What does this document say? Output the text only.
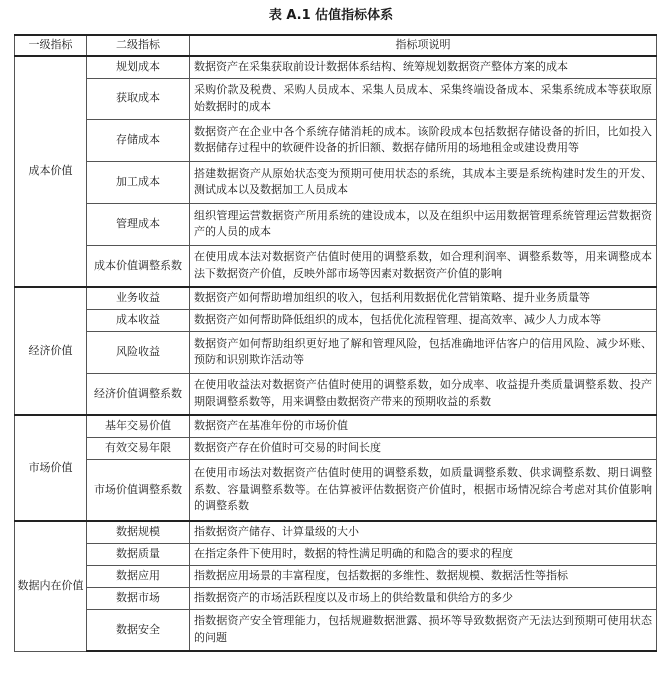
表 A.1 估值指标体系
一级指标	二级指标	指标项说明
成本价值	规划成本	数据资产在采集获取前设计数据体系结构、统筹规划数据资产整体方案的成本
	获取成本	采购价款及税费、采购人员成本、采集人员成本、采集终端设备成本、采集系统成本等获取原始数据时的成本
	存储成本	数据资产在企业中各个系统存储消耗的成本。该阶段成本包括数据存储设备的折旧，比如投入数据储存过程中的软硬件设备的折旧额、数据存储所用的场地租金或建设费用等
	加工成本	搭建数据资产从原始状态变为预期可使用状态的系统，其成本主要是系统构建时发生的开发、测试成本以及数据加工人员成本
	管理成本	组织管理运营数据资产所用系统的建设成本，以及在组织中运用数据管理系统管理运营数据资产的人员的成本
	成本价值调整系数	在使用成本法对数据资产估值时使用的调整系数，如合理利润率、调整系数等，用来调整成本法下数据资产价值，反映外部市场等因素对数据资产价值的影响
经济价值	业务收益	数据资产如何帮助增加组织的收入，包括利用数据优化营销策略、提升业务质量等
	成本收益	数据资产如何帮助降低组织的成本，包括优化流程管理、提高效率、减少人力成本等
	风险收益	数据资产如何帮助组织更好地了解和管理风险，包括准确地评估客户的信用风险、减少坏账、预防和识别欺诈活动等
	经济价值调整系数	在使用收益法对数据资产估值时使用的调整系数，如分成率、收益提升类质量调整系数、投产期限调整系数等，用来调整由数据资产带来的预期收益的系数
市场价值	基年交易价值	数据资产在基准年份的市场价值
	有效交易年限	数据资产存在价值时可交易的时间长度
	市场价值调整系数	在使用市场法对数据资产估值时使用的调整系数，如质量调整系数、供求调整系数、期日调整系数、容量调整系数等。在估算被评估数据资产价值时，根据市场情况综合考虑对其价值影响的调整系数
数据内在价值	数据规模	指数据资产储存、计算量级的大小
	数据质量	在指定条件下使用时，数据的特性满足明确的和隐含的要求的程度
	数据应用	指数据应用场景的丰富程度，包括数据的多维性、数据规模、数据活性等指标
	数据市场	指数据资产的市场活跃程度以及市场上的供给数量和供给方的多少
	数据安全	指数据资产安全管理能力，包括规避数据泄露、损坏等导致数据资产无法达到预期可使用状态的问题
